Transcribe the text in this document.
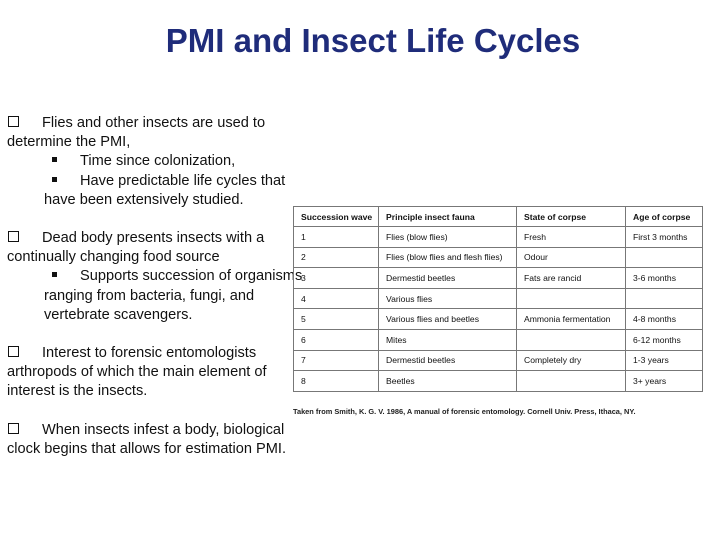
PMI and Insect Life Cycles
Flies and other insects are used to determine the PMI,
Time since colonization,
Have predictable life cycles that have been extensively studied.
Dead body presents insects with a continually changing food source
Supports succession of organisms ranging from bacteria, fungi, and vertebrate scavengers.
Interest to forensic entomologists arthropods of which the main element of interest is the insects.
When insects infest a body, biological clock begins that allows for estimation PMI.
Succession wave	Principle insect fauna	State of corpse	Age of corpse
1	Flies (blow flies)	Fresh	First 3 months
2	Flies (blow flies and flesh flies)	Odour	
3	Dermestid beetles	Fats are rancid	3-6 months
4	Various flies		
5	Various flies and beetles	Ammonia fermentation	4-8 months
6	Mites		6-12 months
7	Dermestid beetles	Completely dry	1-3 years
8	Beetles		3+ years
Taken from Smith, K. G. V. 1986, A manual of forensic entomology. Cornell Univ. Press, Ithaca, NY.
